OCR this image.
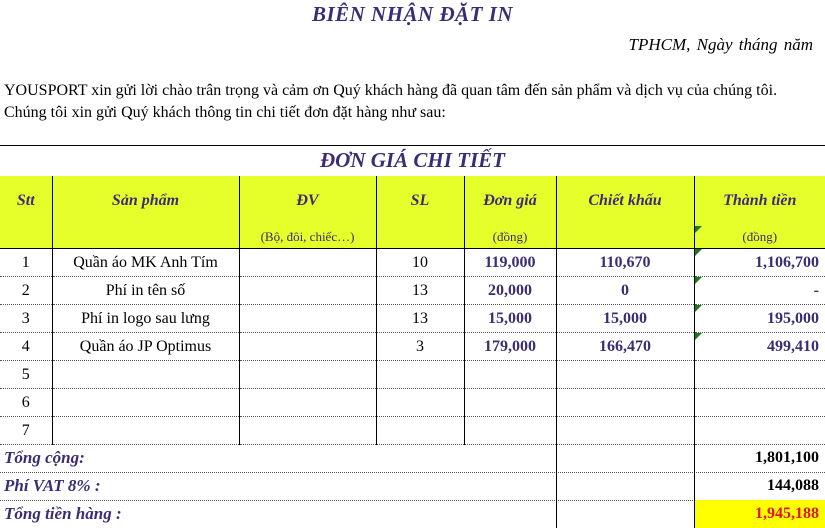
BIÊN NHẬN ĐẶT IN
TPHCM, Ngày tháng năm
YOUSPORT xin gửi lời chào trân trọng và cảm ơn Quý khách hàng đã quan tâm đến sản phẩm và dịch vụ của chúng tôi. Chúng tôi xin gửi Quý khách thông tin chi tiết đơn đặt hàng như sau:
ĐƠN GIÁ CHI TIẾT
Stt	Sản phẩm	ĐV	SL	Đơn giá	Chiết khấu	Thành tiền
		(Bộ, đôi, chiếc…)		(đồng)		(đồng)
1	Quần áo MK Anh Tím		10	119,000	110,670	1,106,700
2	Phí in tên số		13	20,000	0	-
3	Phí in logo sau lưng		13	15,000	15,000	195,000
4	Quần áo JP Optimus		3	179,000	166,470	499,410
5						
6						
7						
Tổng cộng:	1,801,100
Phí VAT 8% :	144,088
Tổng tiền hàng :	1,945,188
